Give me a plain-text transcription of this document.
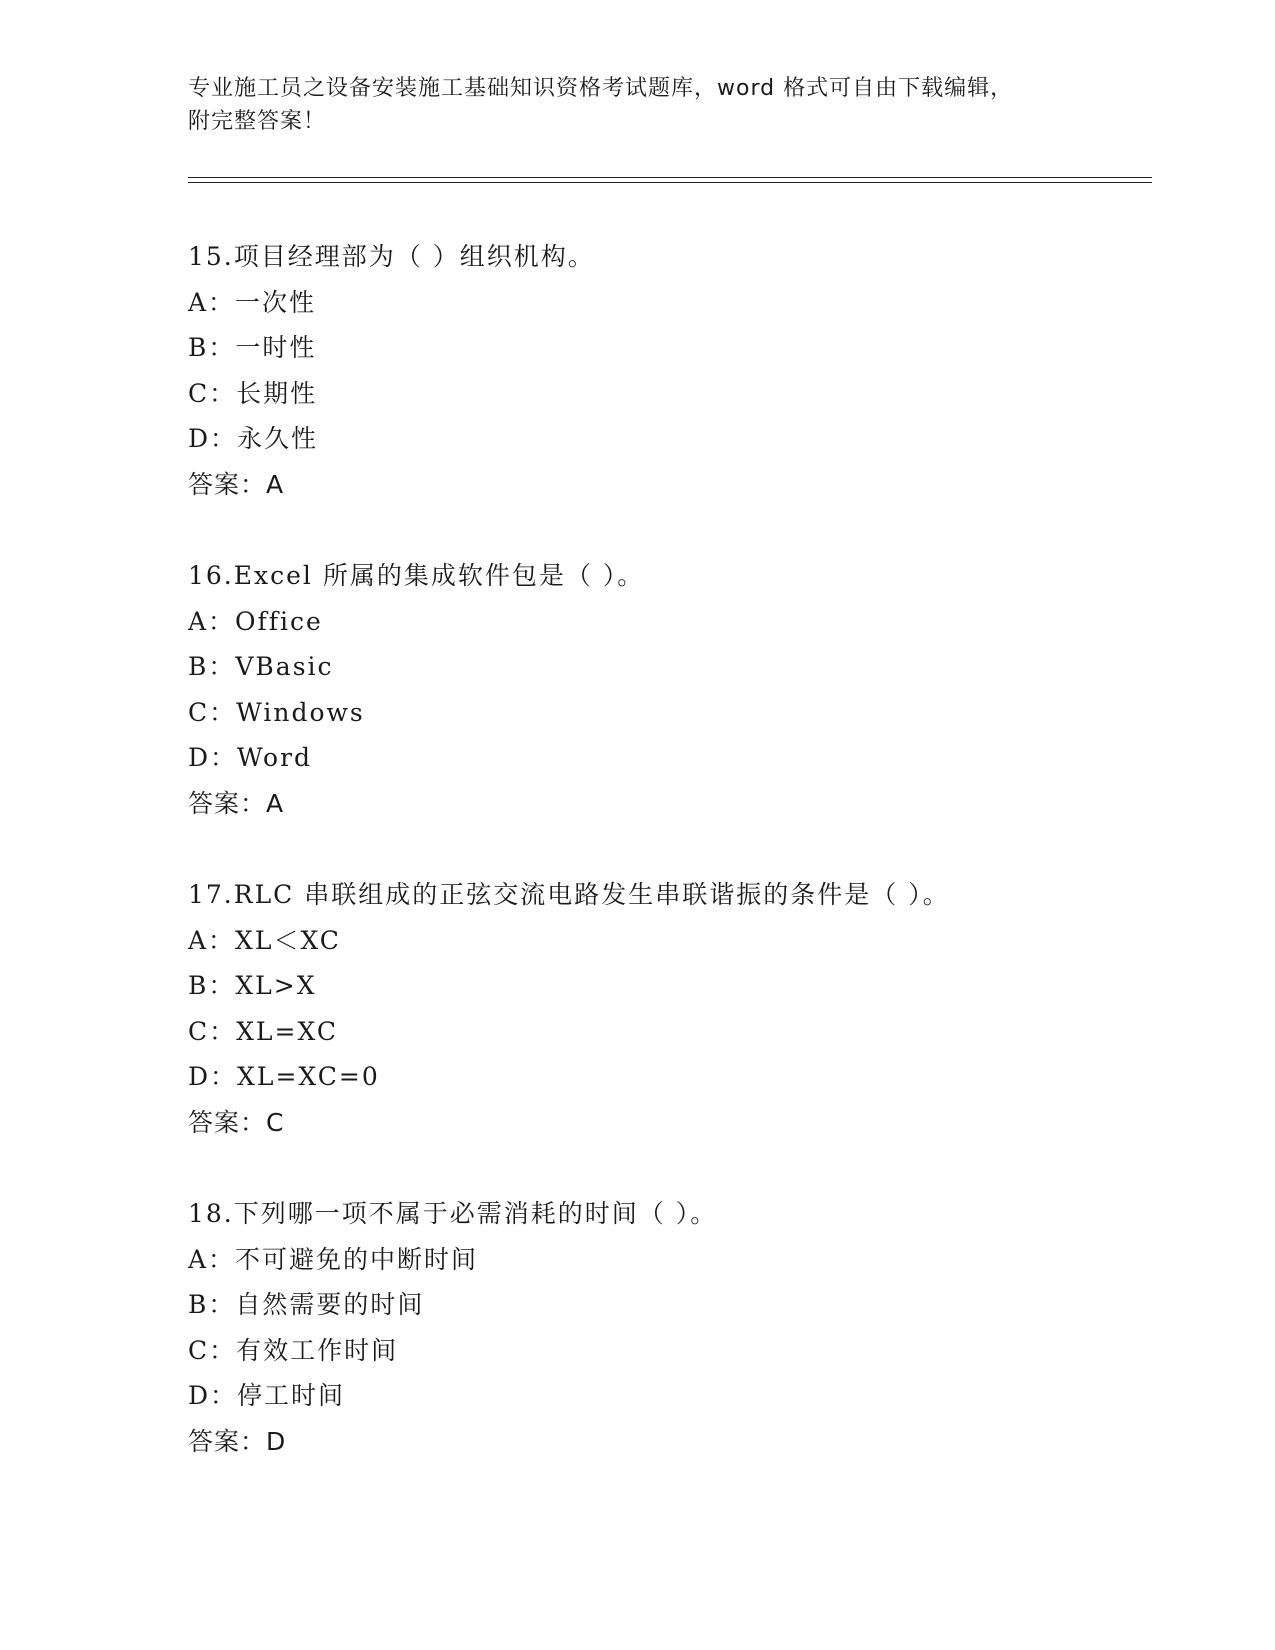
专业施工员之设备安装施工基础知识资格考试题库，word 格式可自由下载编辑，
附完整答案！
15.项目经理部为（ ）组织机构。
A：一次性
B：一时性
C：长期性
D：永久性
答案：A
16.Excel 所属的集成软件包是（ ）。
A：Office
B：VBasic
C：Windows
D：Word
答案：A
17.RLC 串联组成的正弦交流电路发生串联谐振的条件是（ ）。
A：XL＜XC
B：XL>X
C：XL=XC
D：XL=XC=0
答案：C
18.下列哪一项不属于必需消耗的时间（ ）。
A：不可避免的中断时间
B：自然需要的时间
C：有效工作时间
D：停工时间
答案：D
